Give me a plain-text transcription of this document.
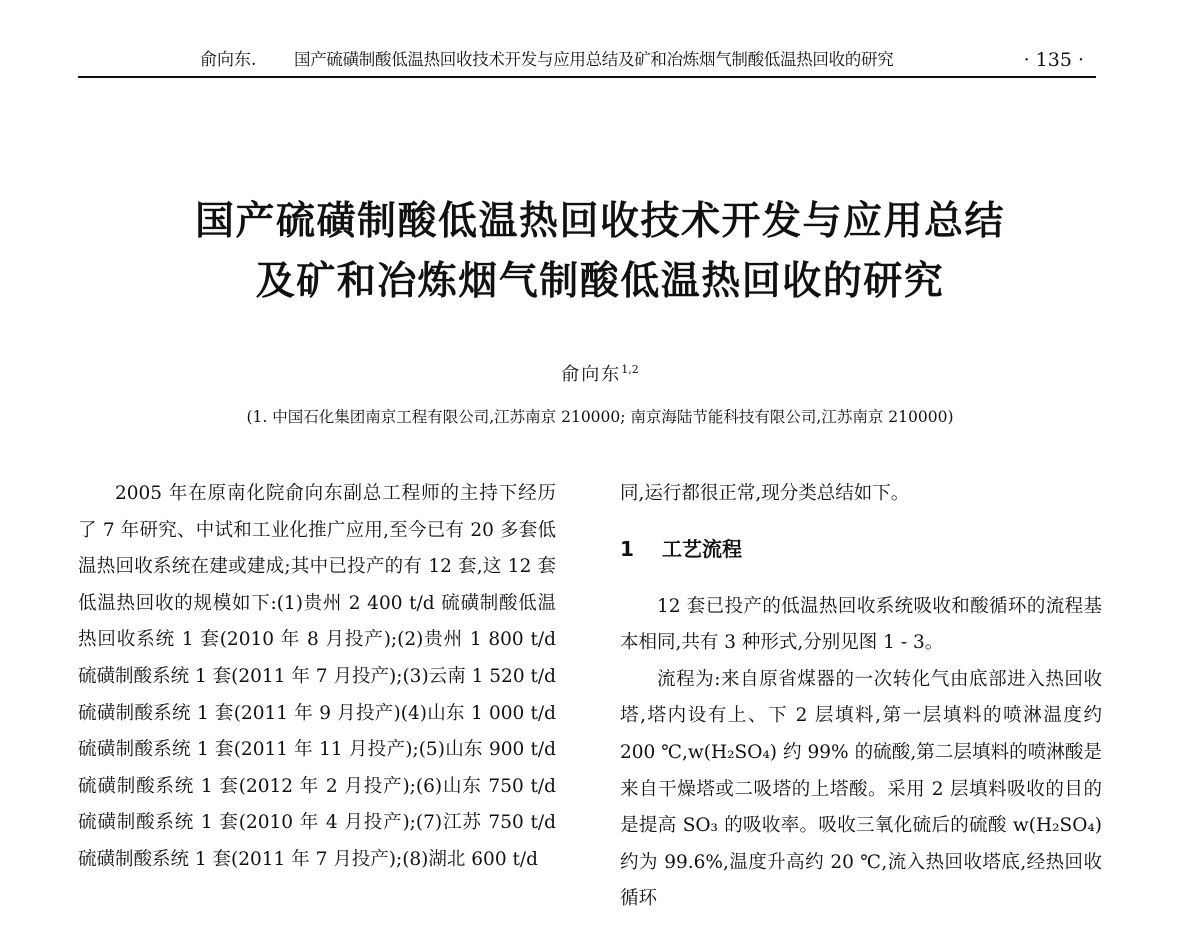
俞向东. 国产硫磺制酸低温热回收技术开发与应用总结及矿和冶炼烟气制酸低温热回收的研究	· 135 ·
国产硫磺制酸低温热回收技术开发与应用总结
及矿和冶炼烟气制酸低温热回收的研究
俞向东$^{1,2}$
(1. 中国石化集团南京工程有限公司,江苏南京 210000; 南京海陆节能科技有限公司,江苏南京 210000)

2005 年在原南化院俞向东副总工程师的主持下经历了 7 年研究、中试和工业化推广应用,至今已有 20 多套低温热回收系统在建或建成;其中已投产的有 12 套,这 12 套低温热回收的规模如下:(1)贵州 2 400 t/d 硫磺制酸低温热回收系统 1 套(2010 年 8 月投产);(2)贵州 1 800 t/d 硫磺制酸系统 1 套(2011 年 7 月投产);(3)云南 1 520 t/d 硫磺制酸系统 1 套(2011 年 9 月投产)(4)山东 1 000 t/d 硫磺制酸系统 1 套(2011 年 11 月投产);(5)山东 900 t/d 硫磺制酸系统 1 套(2012 年 2 月投产);(6)山东 750 t/d 硫磺制酸系统 1 套(2010 年 4 月投产);(7)江苏 750 t/d 硫磺制酸系统 1 套(2011 年 7 月投产);(8)湖北 600 t/d

同,运行都很正常,现分类总结如下。

1 工艺流程

12 套已投产的低温热回收系统吸收和酸循环的流程基本相同,共有 3 种形式,分别见图 1 - 3。

流程为:来自原省煤器的一次转化气由底部进入热回收塔,塔内设有上、下 2 层填料,第一层填料的喷淋温度约 200 ℃,w(H₂SO₄) 约 99% 的硫酸,第二层填料的喷淋酸是来自干燥塔或二吸塔的上塔酸。采用 2 层填料吸收的目的是提高 SO₃ 的吸收率。吸收三氧化硫后的硫酸 w(H₂SO₄)约为 99.6%,温度升高约 20 ℃,流入热回收塔底,经热回收循环
